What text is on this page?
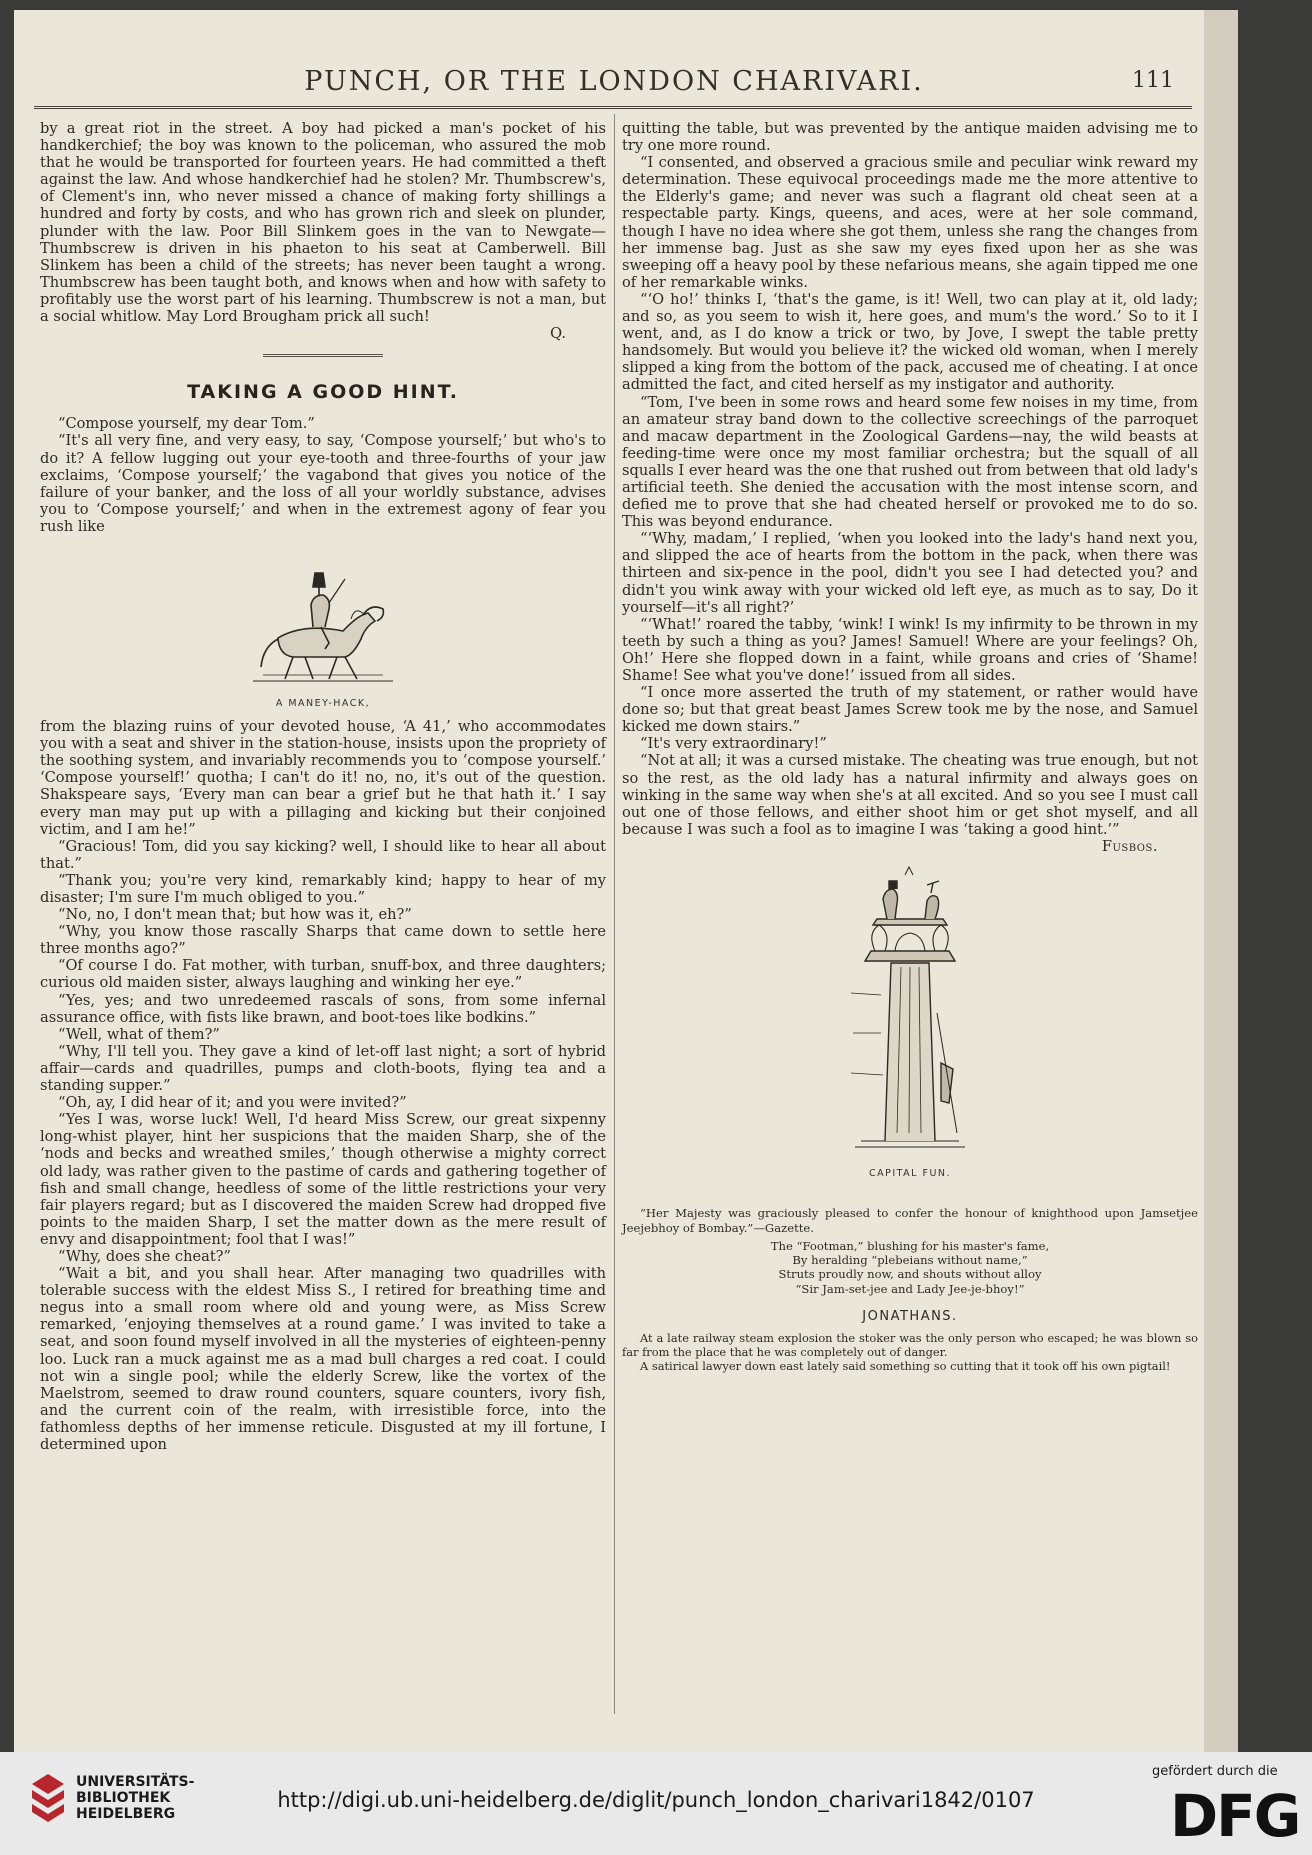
PUNCH, OR THE LONDON CHARIVARI.	111

by a great riot in the street. A boy had picked a man's pocket of his handkerchief; the boy was known to the policeman, who assured the mob that he would be transported for fourteen years. He had committed a theft against the law. And whose handkerchief had he stolen? Mr. Thumbscrew's, of Clement's inn, who never missed a chance of making forty shillings a hundred and forty by costs, and who has grown rich and sleek on plunder, plunder with the law. Poor Bill Slinkem goes in the van to Newgate—Thumbscrew is driven in his phaeton to his seat at Camberwell. Bill Slinkem has been a child of the streets; has never been taught a wrong. Thumbscrew has been taught both, and knows when and how with safety to profitably use the worst part of his learning. Thumbscrew is not a man, but a social whitlow. May Lord Brougham prick all such!

Q.

TAKING A GOOD HINT.

“Compose yourself, my dear Tom.”

“It's all very fine, and very easy, to say, ‘Compose yourself;’ but who's to do it? A fellow lugging out your eye-tooth and three-fourths of your jaw exclaims, ‘Compose yourself;’ the vagabond that gives you notice of the failure of your banker, and the loss of all your worldly substance, advises you to ‘Compose yourself;’ and when in the extremest agony of fear you rush like

A MANEY-HACK,

from the blazing ruins of your devoted house, ‘A 41,’ who accommodates you with a seat and shiver in the station-house, insists upon the propriety of the soothing system, and invariably recommends you to ‘compose yourself.’ ‘Compose yourself!’ quotha; I can't do it! no, no, it's out of the question. Shakspeare says, ‘Every man can bear a grief but he that hath it.’ I say every man may put up with a pillaging and kicking but their conjoined victim, and I am he!”

“Gracious! Tom, did you say kicking? well, I should like to hear all about that.”

“Thank you; you're very kind, remarkably kind; happy to hear of my disaster; I'm sure I'm much obliged to you.”

“No, no, I don't mean that; but how was it, eh?”

“Why, you know those rascally Sharps that came down to settle here three months ago?”

“Of course I do. Fat mother, with turban, snuff-box, and three daughters; curious old maiden sister, always laughing and winking her eye.”

“Yes, yes; and two unredeemed rascals of sons, from some infernal assurance office, with fists like brawn, and boot-toes like bodkins.”

“Well, what of them?”

“Why, I'll tell you. They gave a kind of let-off last night; a sort of hybrid affair—cards and quadrilles, pumps and cloth-boots, flying tea and a standing supper.”

“Oh, ay, I did hear of it; and you were invited?”

“Yes I was, worse luck! Well, I'd heard Miss Screw, our great sixpenny long-whist player, hint her suspicions that the maiden Sharp, she of the ‘nods and becks and wreathed smiles,’ though otherwise a mighty correct old lady, was rather given to the pastime of cards and gathering together of fish and small change, heedless of some of the little restrictions your very fair players regard; but as I discovered the maiden Screw had dropped five points to the maiden Sharp, I set the matter down as the mere result of envy and disappointment; fool that I was!”

“Why, does she cheat?”

“Wait a bit, and you shall hear. After managing two quadrilles with tolerable success with the eldest Miss S., I retired for breathing time and negus into a small room where old and young were, as Miss Screw remarked, ‘enjoying themselves at a round game.’ I was invited to take a seat, and soon found myself involved in all the mysteries of eighteen-penny loo. Luck ran a muck against me as a mad bull charges a red coat. I could not win a single pool; while the elderly Screw, like the vortex of the Maelstrom, seemed to draw round counters, square counters, ivory fish, and the current coin of the realm, with irresistible force, into the fathomless depths of her immense reticule. Disgusted at my ill fortune, I determined upon

quitting the table, but was prevented by the antique maiden advising me to try one more round.

“I consented, and observed a gracious smile and peculiar wink reward my determination. These equivocal proceedings made me the more attentive to the Elderly's game; and never was such a flagrant old cheat seen at a respectable party. Kings, queens, and aces, were at her sole command, though I have no idea where she got them, unless she rang the changes from her immense bag. Just as she saw my eyes fixed upon her as she was sweeping off a heavy pool by these nefarious means, she again tipped me one of her remarkable winks.

“‘O ho!’ thinks I, ‘that's the game, is it! Well, two can play at it, old lady; and so, as you seem to wish it, here goes, and mum's the word.’ So to it I went, and, as I do know a trick or two, by Jove, I swept the table pretty handsomely. But would you believe it? the wicked old woman, when I merely slipped a king from the bottom of the pack, accused me of cheating. I at once admitted the fact, and cited herself as my instigator and authority.

“Tom, I've been in some rows and heard some few noises in my time, from an amateur stray band down to the collective screechings of the parroquet and macaw department in the Zoological Gardens—nay, the wild beasts at feeding-time were once my most familiar orchestra; but the squall of all squalls I ever heard was the one that rushed out from between that old lady's artificial teeth. She denied the accusation with the most intense scorn, and defied me to prove that she had cheated herself or provoked me to do so. This was beyond endurance.

“‘Why, madam,’ I replied, ‘when you looked into the lady's hand next you, and slipped the ace of hearts from the bottom in the pack, when there was thirteen and six-pence in the pool, didn't you see I had detected you? and didn't you wink away with your wicked old left eye, as much as to say, Do it yourself—it's all right?’

“‘What!’ roared the tabby, ‘wink! I wink! Is my infirmity to be thrown in my teeth by such a thing as you? James! Samuel! Where are your feelings? Oh, Oh!’ Here she flopped down in a faint, while groans and cries of ‘Shame! Shame! See what you've done!’ issued from all sides.

“I once more asserted the truth of my statement, or rather would have done so; but that great beast James Screw took me by the nose, and Samuel kicked me down stairs.”

“It's very extraordinary!”

“Not at all; it was a cursed mistake. The cheating was true enough, but not so the rest, as the old lady has a natural infirmity and always goes on winking in the same way when she's at all excited. And so you see I must call out one of those fellows, and either shoot him or get shot myself, and all because I was such a fool as to imagine I was ‘taking a good hint.’”

Fusbos.

CAPITAL FUN.

“Her Majesty was graciously pleased to confer the honour of knighthood upon Jamsetjee Jeejebhoy of Bombay.”—Gazette.

The “Footman,” blushing for his master's fame,
By heralding “plebeians without name,”
Struts proudly now, and shouts without alloy
“Sir Jam-set-jee and Lady Jee-je-bhoy!”
JONATHANS.

At a late railway steam explosion the stoker was the only person who escaped; he was blown so far from the place that he was completely out of danger.

A satirical lawyer down east lately said something so cutting that it took off his own pigtail!

UNIVERSITÄTS-
BIBLIOTHEK
HEIDELBERG
http://digi.ub.uni-heidelberg.de/diglit/punch_london_charivari1842/0107
gefördert durch die
DFG
